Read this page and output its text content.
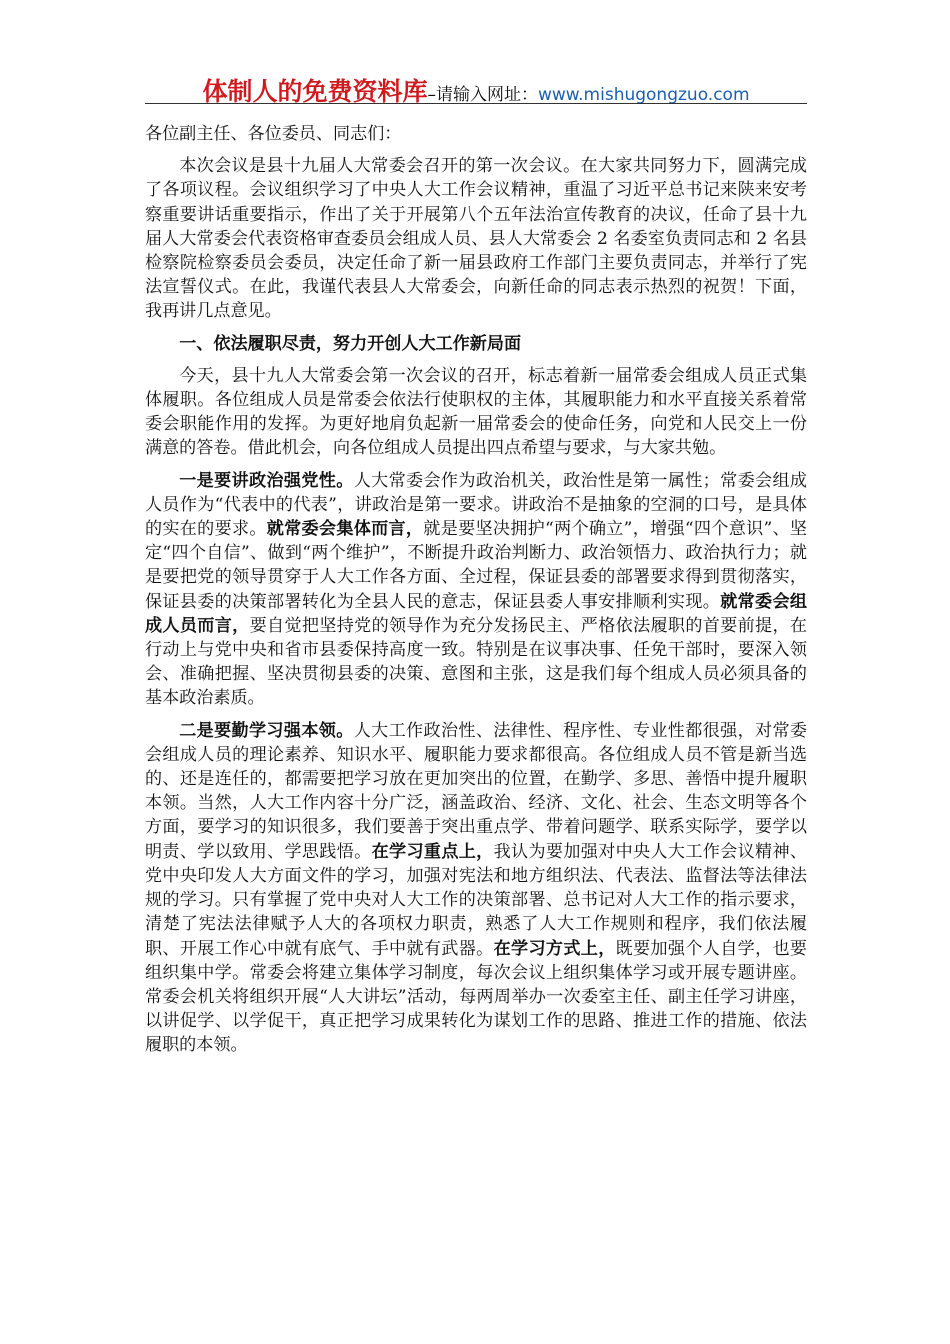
体制人的免费资料库–请输入网址：www.mishugongzuo.com

各位副主任、各位委员、同志们：

本次会议是县十九届人大常委会召开的第一次会议。在大家共同努力下，圆满完成了各项议程。会议组织学习了中央人大工作会议精神，重温了习近平总书记来陕来安考察重要讲话重要指示，作出了关于开展第八个五年法治宣传教育的决议，任命了县十九届人大常委会代表资格审查委员会组成人员、县人大常委会 2 名委室负责同志和 2 名县检察院检察委员会委员，决定任命了新一届县政府工作部门主要负责同志，并举行了宪法宣誓仪式。在此，我谨代表县人大常委会，向新任命的同志表示热烈的祝贺！下面，我再讲几点意见。

一、依法履职尽责，努力开创人大工作新局面

今天，县十九人大常委会第一次会议的召开，标志着新一届常委会组成人员正式集体履职。各位组成人员是常委会依法行使职权的主体，其履职能力和水平直接关系着常委会职能作用的发挥。为更好地肩负起新一届常委会的使命任务，向党和人民交上一份满意的答卷。借此机会，向各位组成人员提出四点希望与要求，与大家共勉。

一是要讲政治强党性。人大常委会作为政治机关，政治性是第一属性；常委会组成人员作为“代表中的代表”，讲政治是第一要求。讲政治不是抽象的空洞的口号，是具体的实在的要求。就常委会集体而言，就是要坚决拥护“两个确立”，增强“四个意识”、坚定“四个自信”、做到“两个维护”，不断提升政治判断力、政治领悟力、政治执行力；就是要把党的领导贯穿于人大工作各方面、全过程，保证县委的部署要求得到贯彻落实，保证县委的决策部署转化为全县人民的意志，保证县委人事安排顺利实现。就常委会组成人员而言，要自觉把坚持党的领导作为充分发扬民主、严格依法履职的首要前提，在行动上与党中央和省市县委保持高度一致。特别是在议事决事、任免干部时，要深入领会、准确把握、坚决贯彻县委的决策、意图和主张，这是我们每个组成人员必须具备的基本政治素质。

二是要勤学习强本领。人大工作政治性、法律性、程序性、专业性都很强，对常委会组成人员的理论素养、知识水平、履职能力要求都很高。各位组成人员不管是新当选的、还是连任的，都需要把学习放在更加突出的位置，在勤学、多思、善悟中提升履职本领。当然，人大工作内容十分广泛，涵盖政治、经济、文化、社会、生态文明等各个方面，要学习的知识很多，我们要善于突出重点学、带着问题学、联系实际学，要学以明责、学以致用、学思践悟。在学习重点上，我认为要加强对中央人大工作会议精神、党中央印发人大方面文件的学习，加强对宪法和地方组织法、代表法、监督法等法律法规的学习。只有掌握了党中央对人大工作的决策部署、总书记对人大工作的指示要求，清楚了宪法法律赋予人大的各项权力职责，熟悉了人大工作规则和程序，我们依法履职、开展工作心中就有底气、手中就有武器。在学习方式上，既要加强个人自学，也要组织集中学。常委会将建立集体学习制度，每次会议上组织集体学习或开展专题讲座。常委会机关将组织开展“人大讲坛”活动，每两周举办一次委室主任、副主任学习讲座，以讲促学、以学促干，真正把学习成果转化为谋划工作的思路、推进工作的措施、依法履职的本领。
